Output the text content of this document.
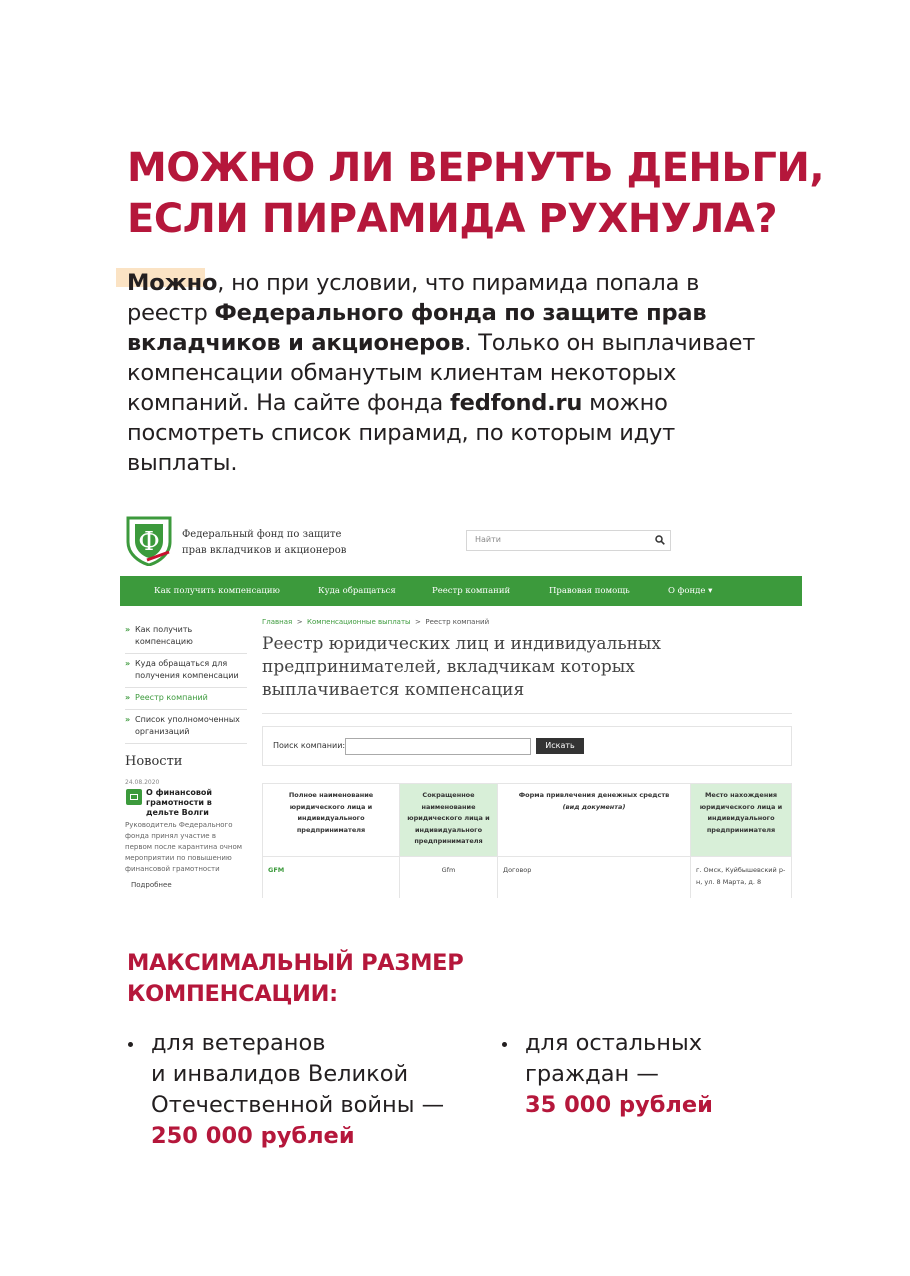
МОЖНО ЛИ ВЕРНУТЬ ДЕНЬГИ,
ЕСЛИ ПИРАМИДА РУХНУЛА?

Можно, но при условии, что пирамида попала в реестр Федерального фонда по защите прав вкладчиков и акционеров. Только он выплачивает компенсации обманутым клиентам некоторых компаний. На сайте фонда fedfond.ru можно посмотреть список пирамид, по которым идут выплаты.

Ф Федеральный фонд по защите
прав вкладчиков и акционеров
Найти
Как получить компенсацию	Куда обращаться	Реестр компаний	Правовая помощь	О фонде ▾
» Как получить
компенсацию
» Куда обращаться для
получения компенсации
» Реестр компаний
» Список уполномоченных
организаций
Новости
24.08.2020
О финансовой грамотности в дельте Волги
Руководитель Федерального фонда принял участие в первом после карантина очном мероприятии по повышению финансовой грамотности
Подробнее
Главная > Компенсационные выплаты > Реестр компаний
Реестр юридических лиц и индивидуальных
предпринимателей, вкладчикам которых
выплачивается компенсация
Поиск компании:	Искать
Полное наименование юридического лица и индивидуального предпринимателя	Сокращенное наименование юридического лица и индивидуального предпринимателя	Форма привлечения денежных средств
(вид документа)	Место нахождения юридического лица и индивидуального предпринимателя
GFM	Gfm	Договор	г. Омск, Куйбышевский р-н, ул. 8 Марта, д. 8
МАКСИМАЛЬНЫЙ РАЗМЕР
КОМПЕНСАЦИИ:
для ветеранов
и инвалидов Великой
Отечественной войны —
250 000 рублей
для остальных
граждан —
35 000 рублей
